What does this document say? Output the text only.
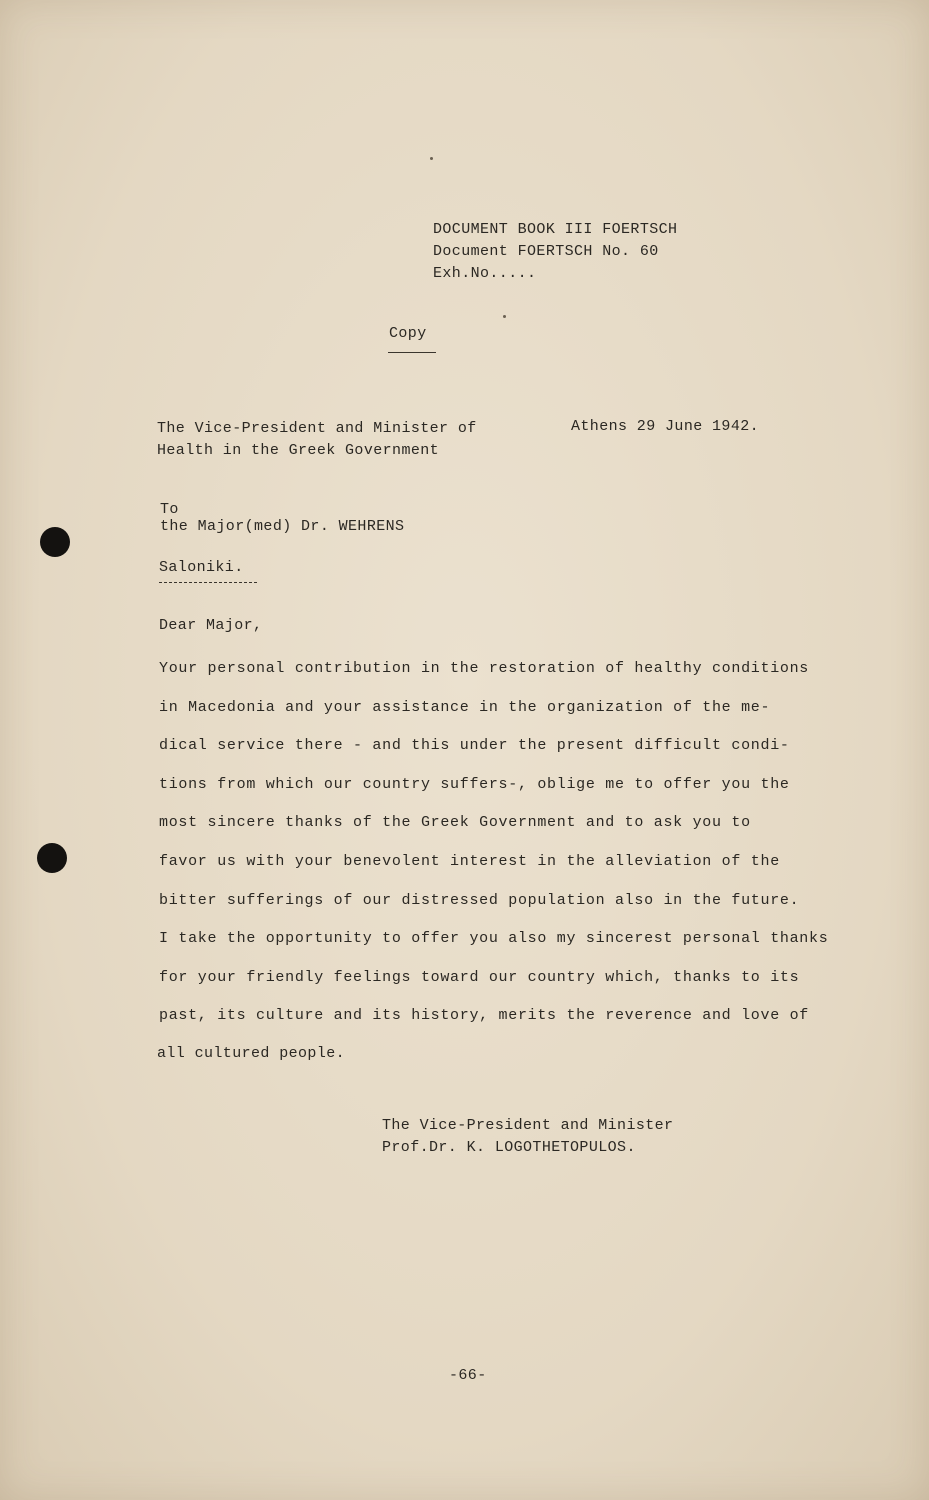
DOCUMENT BOOK III FOERTSCH
Document FOERTSCH No. 60
Exh.No.....
Copy
The Vice-President and Minister of
Health in the Greek Government
Athens 29 June 1942.
To
the Major(med) Dr. WEHRENS
Saloniki.
Dear Major,
Your personal contribution in the restoration of healthy conditions
in Macedonia and your assistance in the organization of the me-
dical service there - and this under the present difficult condi-
tions from which our country suffers-, oblige me to offer you the
most sincere thanks of the Greek Government and to ask you to
favor us with your benevolent interest in the alleviation of the
bitter sufferings of our distressed population also in the future.
I take the opportunity to offer you also my sincerest personal thanks
for your friendly feelings toward our country which, thanks to its
past, its culture and its history, merits the reverence and love of
all cultured people.
The Vice-President and Minister
Prof.Dr. K. LOGOTHETOPULOS.
-66-
